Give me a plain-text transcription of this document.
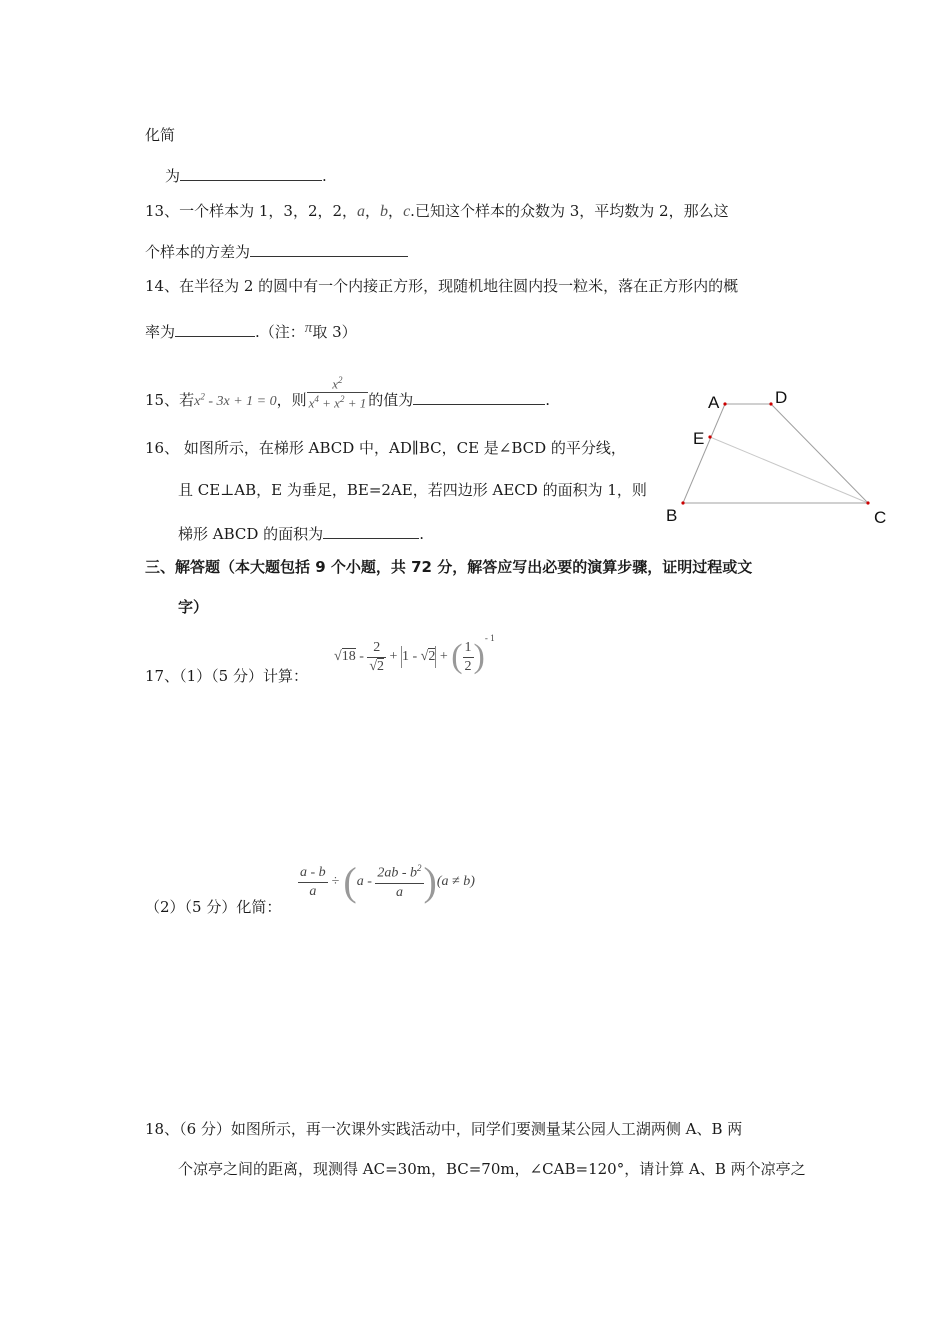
化简
为	.
13、一个样本为 1，3，2，2，a，b，c.已知这个样本的众数为 3，平均数为 2，那么这
个样本的方差为
14、在半径为 2 的圆中有一个内接正方形，现随机地往圆内投一粒米，落在正方形内的概
率为	.（注：π取 3）
15、若$x^2 - 3x + 1 = 0$，则 $\frac{x^2}{x^4 + x^2 + 1}$ 的值为	.
16、 如图所示，在梯形 ABCD 中，AD∥BC，CE 是∠BCD 的平分线，
且 CE⊥AB，E 为垂足，BE=2AE，若四边形 AECD 的面积为 1，则
梯形 ABCD 的面积为	.
A	D
E
B	C
三、解答题（本大题包括 9 个小题，共 72 分，解答应写出必要的演算步骤，证明过程或文
字）
17、（1）（5 分）计算：
$√18 - \frac{2}{√2} + 1 - √2$ + ( $\frac{1}{2} )^{- 1}$
（2）（5 分）化简：
$\frac{a - b}{a} \div (a - \frac{2ab - b^2}{a} )(a \ne b)$
18、（6 分）如图所示，再一次课外实践活动中，同学们要测量某公园人工湖两侧 A、B 两
个凉亭之间的距离，现测得 AC=30m，BC=70m，∠CAB=120°，请计算 A、B 两个凉亭之
